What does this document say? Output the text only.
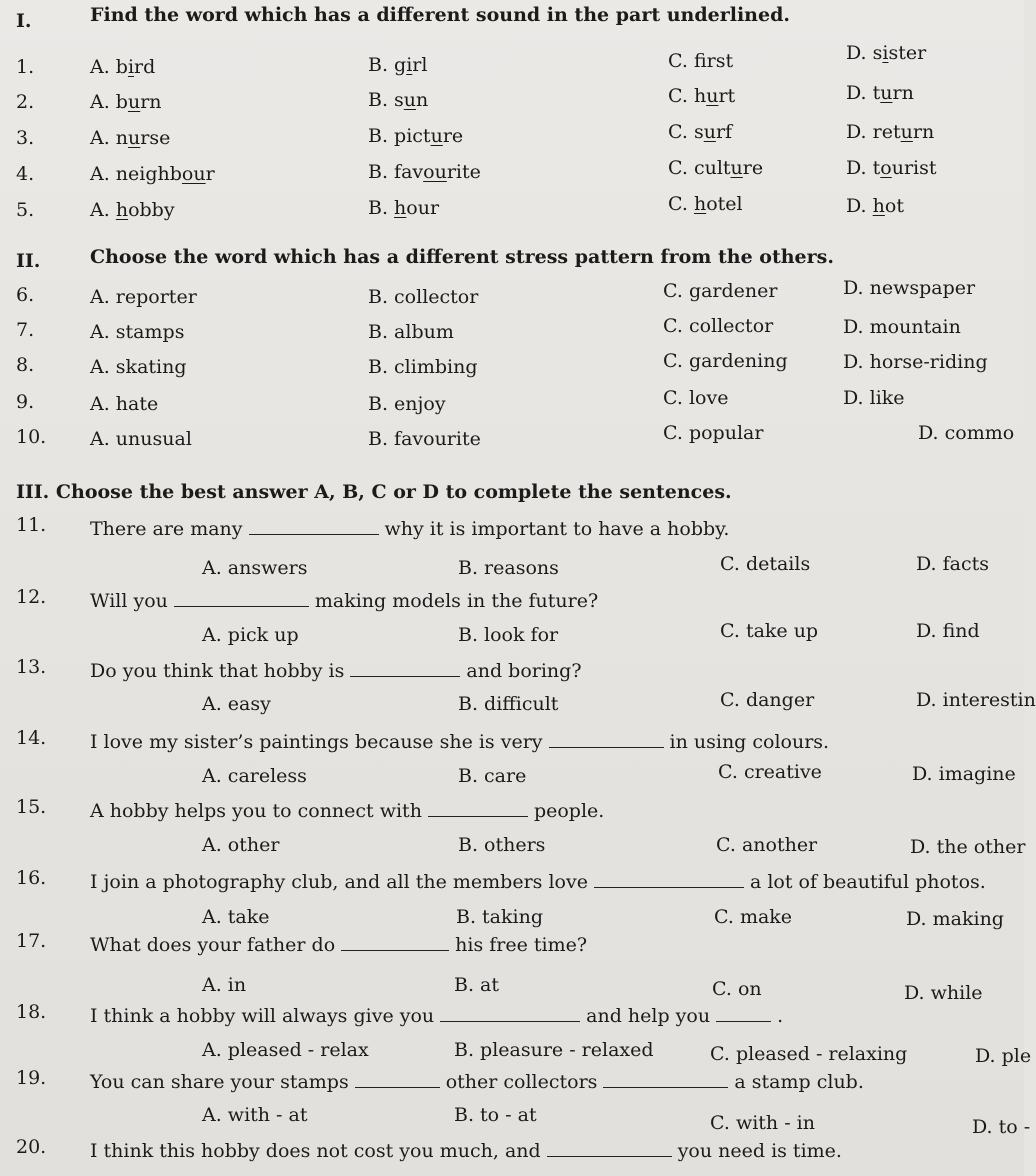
I.	Find the word which has a different sound in the part underlined.
1.	A. bird	B. girl	C. frst	D. sister
2.	A. burn	B. sun	C. hurt	D. turn
3.	A. nurse	B. picture	C. surf	D. return
4.	A. neighbour	B. favourite	C. culture	D. tourist
5.	A. hobby	B. hour	C. hotel	D. hot
II.	Choose the word which has a different stress pattern from the others.
6.	A. reporter	B. collector	C. gardener	D. newspaper
7.	A. stamps	B. album	C. collector	D. mountain
8.	A. skating	B. climbing	C. gardening	D. horse-riding
9.	A. hate	B. enjoy	C. love	D. like
10. A. unusual	B. favourite	C. popular	D. commo
III. Choose the best answer A, B, C or D to complete the sentences.
11. There are many	why it is important to have a hobby.
A. answers	B. reasons	C. details	D. facts
12. Will you	making models in the future?
A. pick up	B. look for	C. take up	D. find
13. Do you think that hobby is	and boring?
A. easy	B. difficult	C. danger	D. interestin
14. I love my sister’s paintings because she is very	in using colours.
A. careless	B. care	C. creative	D. imagine
15. A hobby helps you to connect with	people.
A. other	B. others	C. another	D. the other
16. I join a photography club, and all the members love	a lot of beautiful photos.
A. take	B. taking	C. make	D. making
17. What does your father do	his free time?
A. in	B. at	C. on	D. while
18. I think a hobby will always give you	and help you	.
A. pleased - relax	B. pleasure - relaxed	C. pleased - relaxing	D. ple
19. You can share your stamps	other collectors	a stamp club.
A. with - at	B. to - at	C. with - in	D. to -
20. I think this hobby does not cost you much, and	you need is time.
